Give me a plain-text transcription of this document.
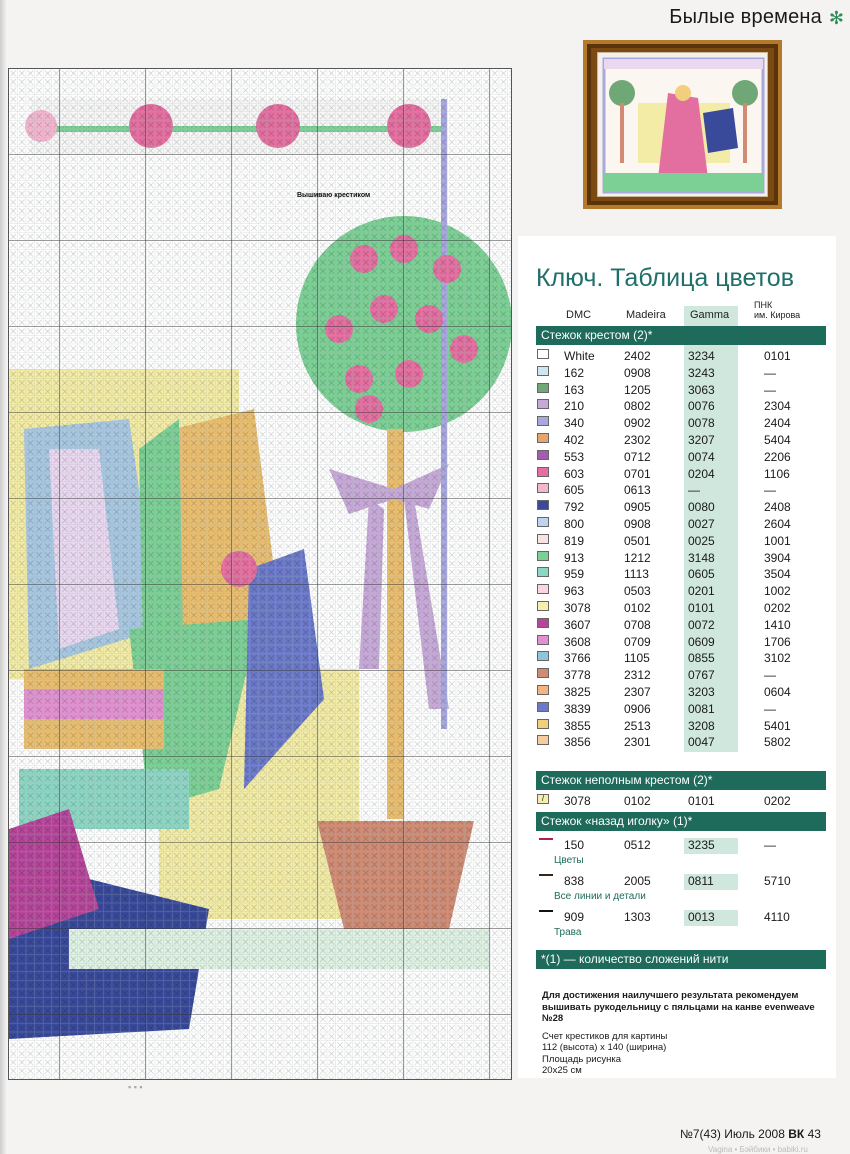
Былые времена ✻
Вышиваю крестиком
Ключ. Таблица цветов
DMC	Madeira Gamma
ПНК
им. Кирова
Стежок крестом (2)*
White 2402	3234	0101
162	0908	3243	—
163	1205	3063	—
210	0802	0076	2304
340	0902	0078	2404
402	2302	3207	5404
553	0712	0074	2206
603	0701	0204	1106
605	0613	—	—
792	0905	0080	2408
800	0908	0027	2604
819	0501	0025	1001
913	1212	3148	3904
959	1113	0605	3504
963	0503	0201	1002
3078	0102	0101	0202
3607	0708	0072	1410
3608	0709	0609	1706
3766	1105	0855	3102
3778	2312	0767	—
3825	2307	3203	0604
3839	0906	0081	—
3855	2513	3208	5401
3856	2301	0047	5802
Стежок неполным крестом (2)*
/	3078	0102	0101	0202
Стежок «назад иголку» (1)*
150	0512	3235	—
Цветы
838	2005	0811	5710
Все линии и детали
909	1303	0013	4110
Трава
*(1) — количество сложений нити
Для достижения наилучшего результата рекомендуем вышивать рукодельницу с пяльцами на канве evenweave №28
Счет крестиков для картины
112 (высота) x 140 (ширина)
Площадь рисунка
20x25 см
▪ ▪ ▪
№7(43) Июль 2008 ВК 43
Vagina • Бэйбики • babiki.ru
